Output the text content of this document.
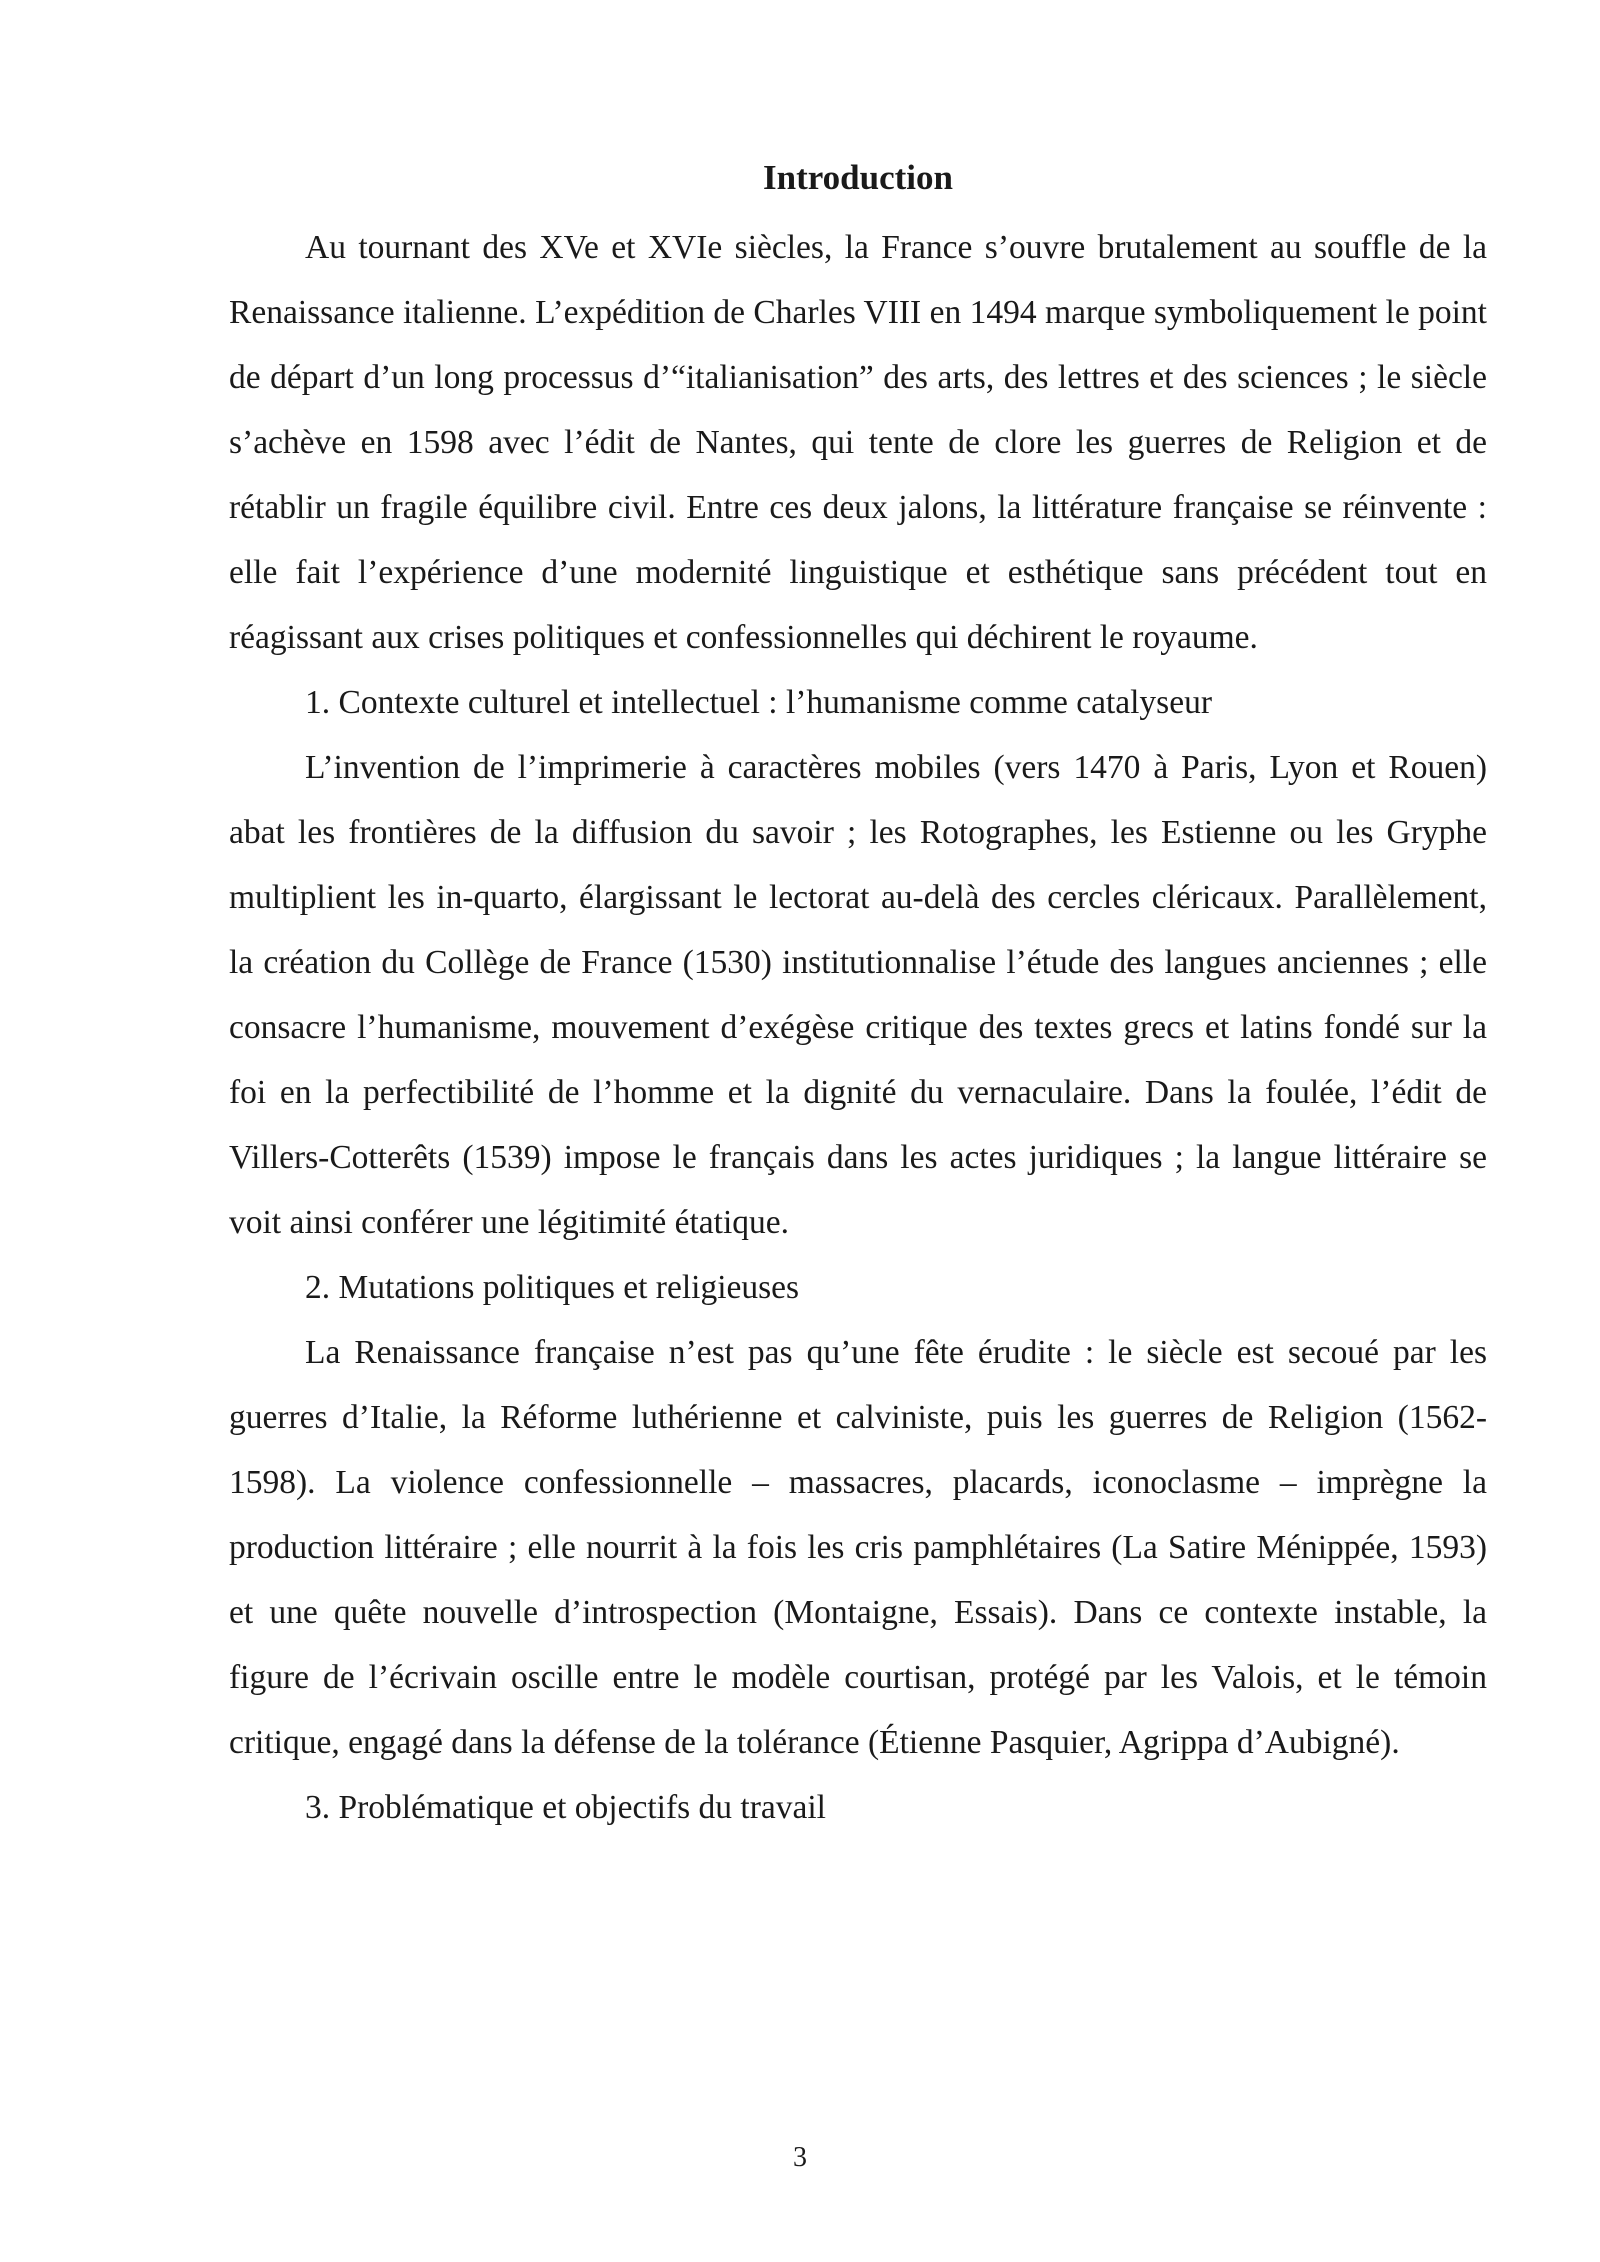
Introduction

Au tournant des XVe et XVIe siècles, la France s’ouvre brutalement au souffle de la Renaissance italienne. L’expédition de Charles VIII en 1494 marque symboliquement le point de départ d’un long processus d’“italianisation” des arts, des lettres et des sciences ; le siècle s’achève en 1598 avec l’édit de Nantes, qui tente de clore les guerres de Religion et de rétablir un fragile équilibre civil. Entre ces deux jalons, la littérature française se réinvente : elle fait l’expérience d’une modernité linguistique et esthétique sans précédent tout en réagissant aux crises politiques et confessionnelles qui déchirent le royaume.

1. Contexte culturel et intellectuel : l’humanisme comme catalyseur

L’invention de l’imprimerie à caractères mobiles (vers 1470 à Paris, Lyon et Rouen) abat les frontières de la diffusion du savoir ; les Rotographes, les Estienne ou les Gryphe multiplient les in-quarto, élargissant le lectorat au-delà des cercles cléricaux. Parallèlement, la création du Collège de France (1530) institutionnalise l’étude des langues anciennes ; elle consacre l’humanisme, mouvement d’exégèse critique des textes grecs et latins fondé sur la foi en la perfectibilité de l’homme et la dignité du vernaculaire. Dans la foulée, l’édit de Villers-Cotterêts (1539) impose le français dans les actes juridiques ; la langue littéraire se voit ainsi conférer une légitimité étatique.

2. Mutations politiques et religieuses

La Renaissance française n’est pas qu’une fête érudite : le siècle est secoué par les guerres d’Italie, la Réforme luthérienne et calviniste, puis les guerres de Religion (1562-1598). La violence confessionnelle – massacres, placards, iconoclasme – imprègne la production littéraire ; elle nourrit à la fois les cris pamphlétaires (La Satire Ménippée, 1593) et une quête nouvelle d’introspection (Montaigne, Essais). Dans ce contexte instable, la figure de l’écrivain oscille entre le modèle courtisan, protégé par les Valois, et le témoin critique, engagé dans la défense de la tolérance (Étienne Pasquier, Agrippa d’Aubigné).

3. Problématique et objectifs du travail

3
